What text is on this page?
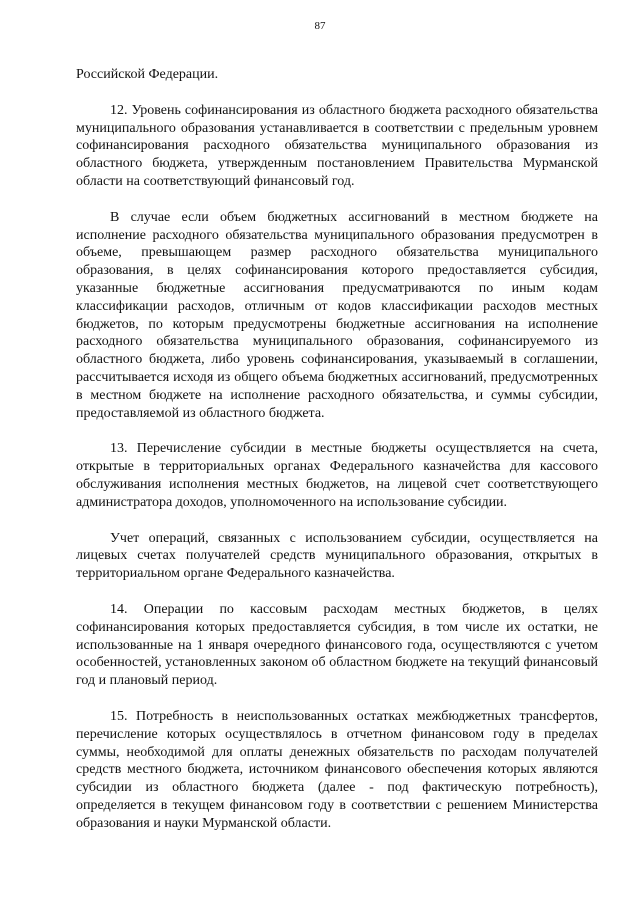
87

Российской Федерации.

12. Уровень софинансирования из областного бюджета расходного обязательства муниципального образования устанавливается в соответствии с предельным уровнем софинансирования расходного обязательства муниципального образования из областного бюджета, утвержденным постановлением Правительства Мурманской области на соответствующий финансовый год.

В случае если объем бюджетных ассигнований в местном бюджете на исполнение расходного обязательства муниципального образования предусмотрен в объеме, превышающем размер расходного обязательства муниципального образования, в целях софинансирования которого предоставляется субсидия, указанные бюджетные ассигнования предусматриваются по иным кодам классификации расходов, отличным от кодов классификации расходов местных бюджетов, по которым предусмотрены бюджетные ассигнования на исполнение расходного обязательства муниципального образования, софинансируемого из областного бюджета, либо уровень софинансирования, указываемый в соглашении, рассчитывается исходя из общего объема бюджетных ассигнований, предусмотренных в местном бюджете на исполнение расходного обязательства, и суммы субсидии, предоставляемой из областного бюджета.

13. Перечисление субсидии в местные бюджеты осуществляется на счета, открытые в территориальных органах Федерального казначейства для кассового обслуживания исполнения местных бюджетов, на лицевой счет соответствующего администратора доходов, уполномоченного на использование субсидии.

Учет операций, связанных с использованием субсидии, осуществляется на лицевых счетах получателей средств муниципального образования, открытых в территориальном органе Федерального казначейства.

14. Операции по кассовым расходам местных бюджетов, в целях софинансирования которых предоставляется субсидия, в том числе их остатки, не использованные на 1 января очередного финансового года, осуществляются с учетом особенностей, установленных законом об областном бюджете на текущий финансовый год и плановый период.

15. Потребность в неиспользованных остатках межбюджетных трансфертов, перечисление которых осуществлялось в отчетном финансовом году в пределах суммы, необходимой для оплаты денежных обязательств по расходам получателей средств местного бюджета, источником финансового обеспечения которых являются субсидии из областного бюджета (далее - под фактическую потребность), определяется в текущем финансовом году в соответствии с решением Министерства образования и науки Мурманской области.
